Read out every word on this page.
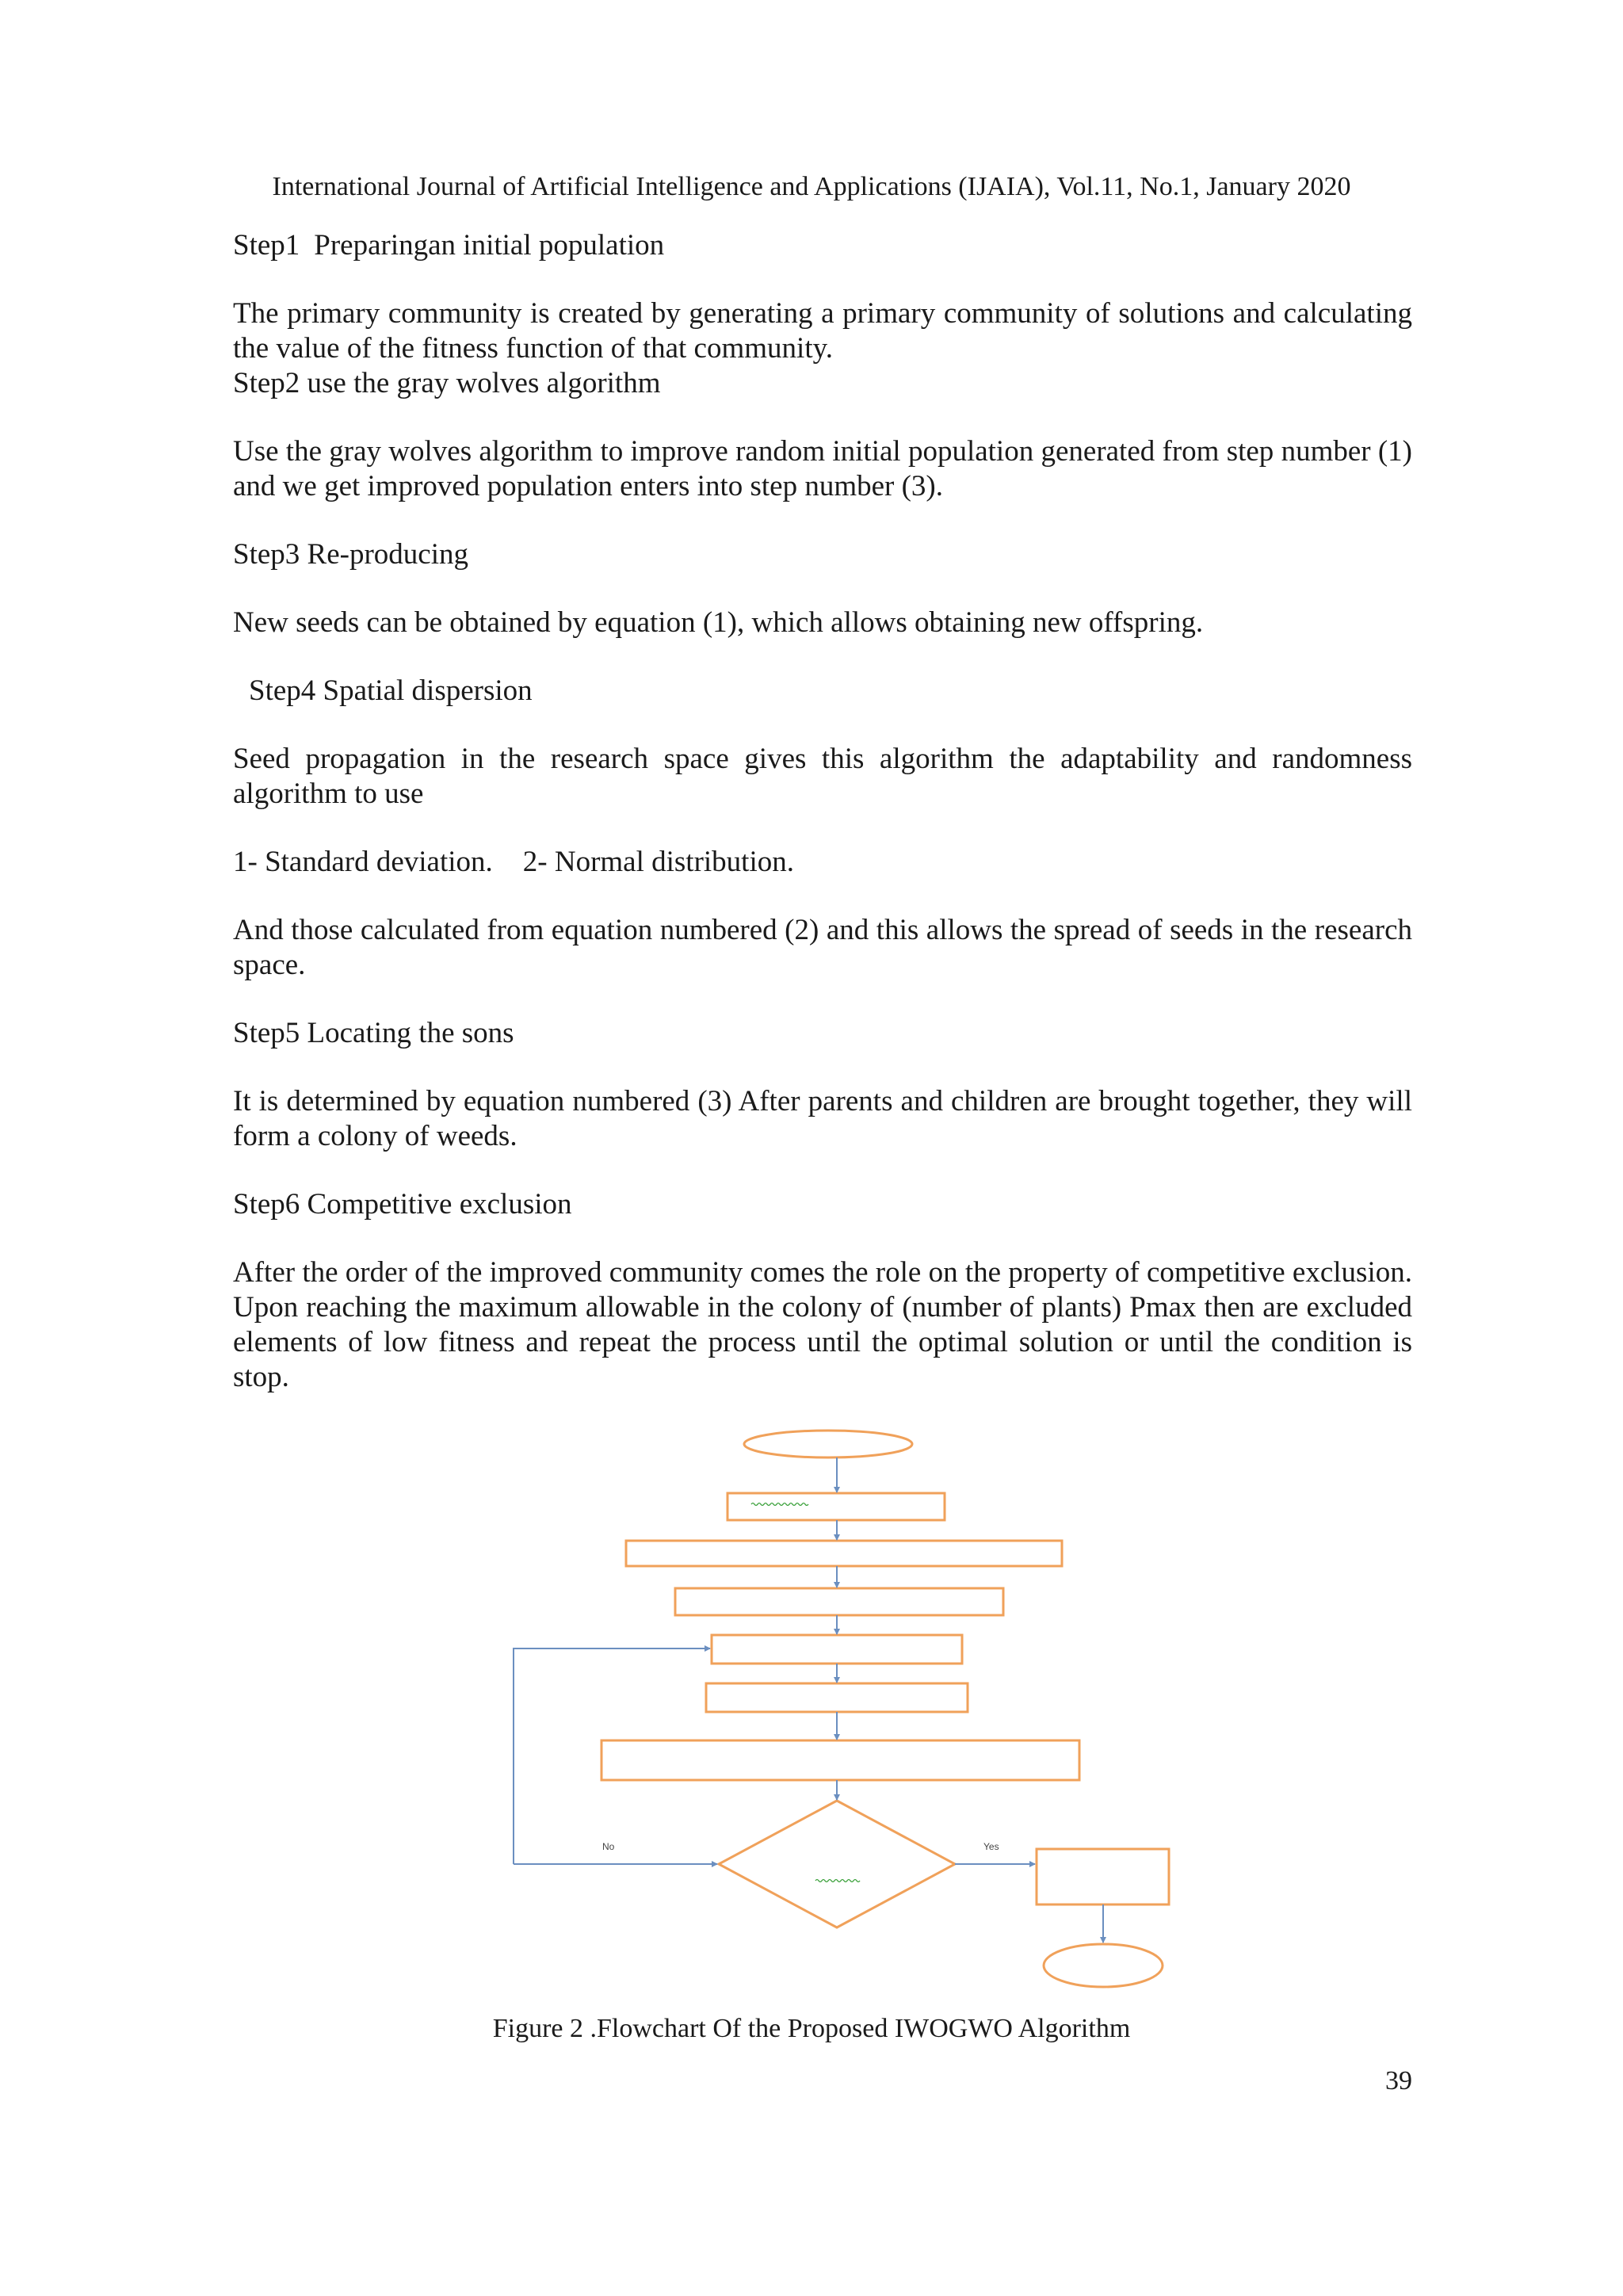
International Journal of Artificial Intelligence and Applications (IJAIA), Vol.11, No.1, January 2020

Step1 Preparingan initial population

The primary community is created by generating a primary community of solutions and calculating the value of the fitness function of that community.

Step2 use the gray wolves algorithm

Use the gray wolves algorithm to improve random initial population generated from step number (1) and we get improved population enters into step number (3).

Step3 Re-producing

New seeds can be obtained by equation (1), which allows obtaining new offspring.

Step4 Spatial dispersion

Seed propagation in the research space gives this algorithm the adaptability and randomness algorithm to use

1- Standard deviation. 2- Normal distribution.

And those calculated from equation numbered (2) and this allows the spread of seeds in the research space.

Step5 Locating the sons

It is determined by equation numbered (3) After parents and children are brought together, they will form a colony of weeds.

Step6 Competitive exclusion

After the order of the improved community comes the role on the property of competitive exclusion. Upon reaching the maximum allowable in the colony of (number of plants) Pmax then are excluded elements of low fitness and repeat the process until the optimal solution or until the condition is stop.

No	Yes
Figure 2 .Flowchart Of the Proposed IWOGWO Algorithm
39
